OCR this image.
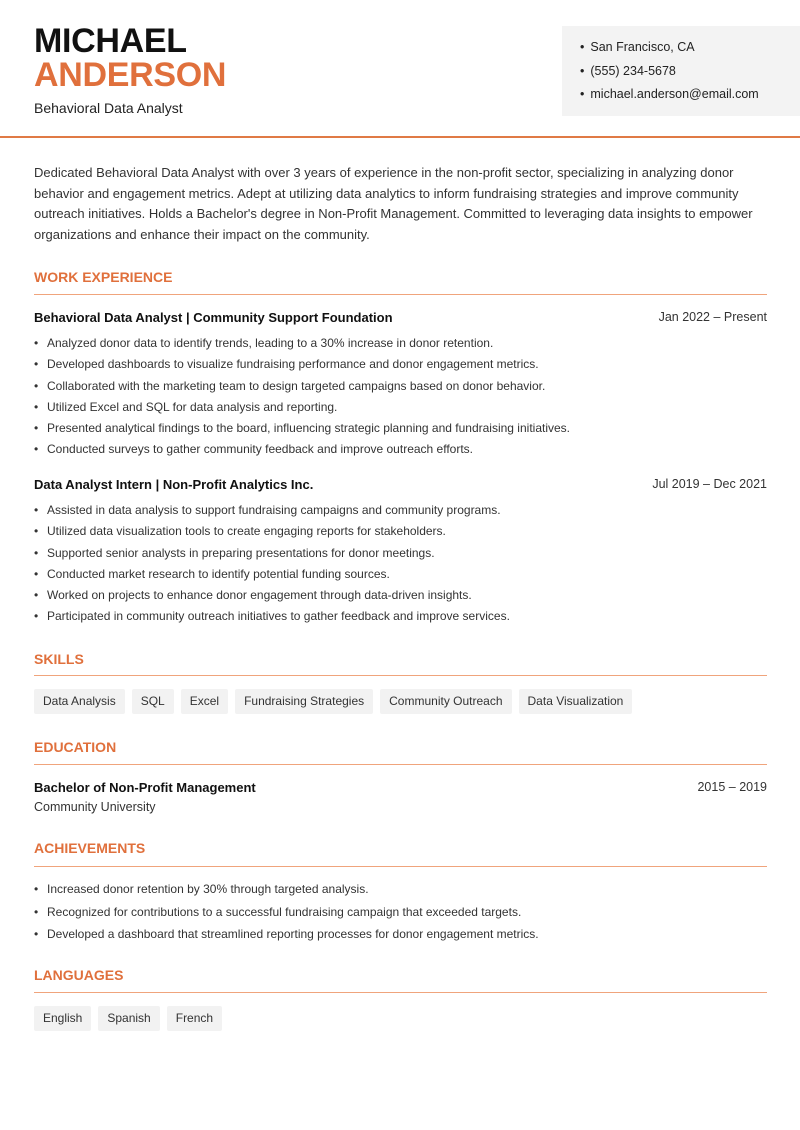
MICHAEL
ANDERSON
Behavioral Data Analyst
• San Francisco, CA
• (555) 234-5678
• michael.anderson@email.com
Dedicated Behavioral Data Analyst with over 3 years of experience in the non-profit sector, specializing in analyzing donor behavior and engagement metrics. Adept at utilizing data analytics to inform fundraising strategies and improve community outreach initiatives. Holds a Bachelor's degree in Non-Profit Management. Committed to leveraging data insights to empower organizations and enhance their impact on the community.
WORK EXPERIENCE
Behavioral Data Analyst | Community Support Foundation	Jan 2022 – Present
• Analyzed donor data to identify trends, leading to a 30% increase in donor retention.
• Developed dashboards to visualize fundraising performance and donor engagement metrics.
• Collaborated with the marketing team to design targeted campaigns based on donor behavior.
• Utilized Excel and SQL for data analysis and reporting.
• Presented analytical findings to the board, influencing strategic planning and fundraising initiatives.
• Conducted surveys to gather community feedback and improve outreach efforts.
Data Analyst Intern | Non-Profit Analytics Inc.	Jul 2019 – Dec 2021
• Assisted in data analysis to support fundraising campaigns and community programs.
• Utilized data visualization tools to create engaging reports for stakeholders.
• Supported senior analysts in preparing presentations for donor meetings.
• Conducted market research to identify potential funding sources.
• Worked on projects to enhance donor engagement through data-driven insights.
• Participated in community outreach initiatives to gather feedback and improve services.
SKILLS
Data Analysis	SQL	Excel	Fundraising Strategies	Community Outreach	Data Visualization
EDUCATION
Bachelor of Non-Profit Management	2015 – 2019
Community University
ACHIEVEMENTS
• Increased donor retention by 30% through targeted analysis.
• Recognized for contributions to a successful fundraising campaign that exceeded targets.
• Developed a dashboard that streamlined reporting processes for donor engagement metrics.
LANGUAGES
English	Spanish	French
